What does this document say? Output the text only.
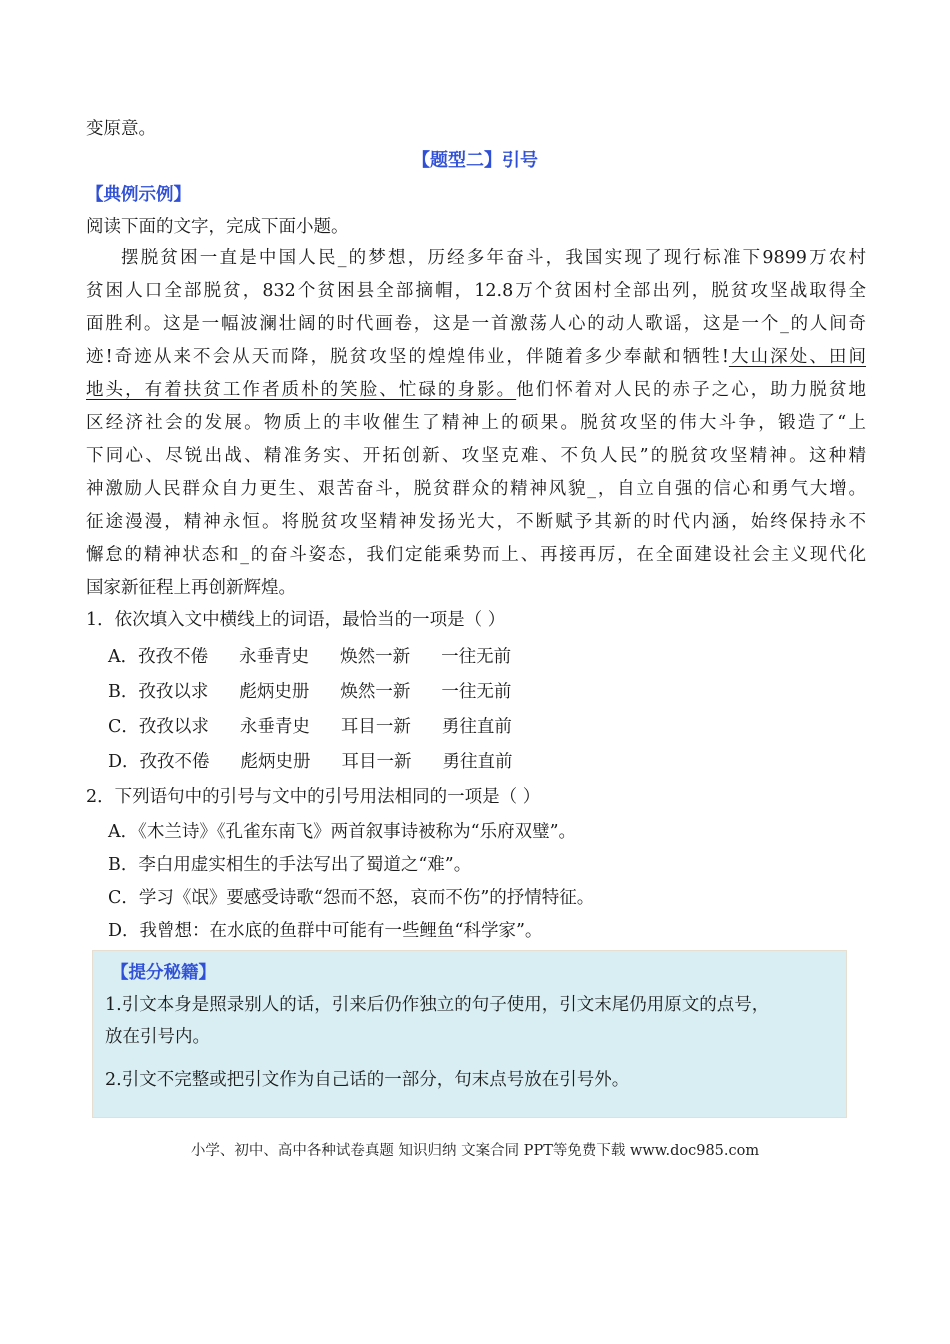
变原意。
【题型二】引号
【典例示例】
阅读下面的文字，完成下面小题。
摆脱贫困一直是中国人民_的梦想，历经多年奋斗，我国实现了现行标准下9899万农村
贫困人口全部脱贫，832个贫困县全部摘帽，12.8万个贫困村全部出列，脱贫攻坚战取得全
面胜利。这是一幅波澜壮阔的时代画卷，这是一首激荡人心的动人歌谣，这是一个_的人间奇
迹!奇迹从来不会从天而降，脱贫攻坚的煌煌伟业，伴随着多少奉献和牺牲!大山深处、田间
地头，有着扶贫工作者质朴的笑脸、忙碌的身影。他们怀着对人民的赤子之心，助力脱贫地
区经济社会的发展。物质上的丰收催生了精神上的硕果。脱贫攻坚的伟大斗争，锻造了“上
下同心、尽锐出战、精准务实、开拓创新、攻坚克难、不负人民”的脱贫攻坚精神。这种精
神激励人民群众自力更生、艰苦奋斗，脱贫群众的精神风貌_，自立自强的信心和勇气大增。
征途漫漫，精神永恒。将脱贫攻坚精神发扬光大，不断赋予其新的时代内涵，始终保持永不
懈怠的精神状态和_的奋斗姿态，我们定能乘势而上、再接再厉，在全面建设社会主义现代化
国家新征程上再创新辉煌。
1．依次填入文中横线上的词语，最恰当的一项是（ ）
A．孜孜不倦 永垂青史 焕然一新 一往无前
B．孜孜以求 彪炳史册 焕然一新 一往无前
C．孜孜以求 永垂青史 耳目一新 勇往直前
D．孜孜不倦 彪炳史册 耳目一新 勇往直前
2．下列语句中的引号与文中的引号用法相同的一项是（ ）
A．《木兰诗》《孔雀东南飞》两首叙事诗被称为“乐府双璧”。
B．李白用虚实相生的手法写出了蜀道之“难”。
C．学习《氓》要感受诗歌“怨而不怒，哀而不伤”的抒情特征。
D．我曾想：在水底的鱼群中可能有一些鲤鱼“科学家”。
【提分秘籍】
1.引文本身是照录别人的话，引来后仍作独立的句子使用，引文末尾仍用原文的点号，
放在引号内。
2.引文不完整或把引文作为自己话的一部分，句末点号放在引号外。
小学、初中、高中各种试卷真题 知识归纳 文案合同 PPT等免费下载 www.doc985.com
